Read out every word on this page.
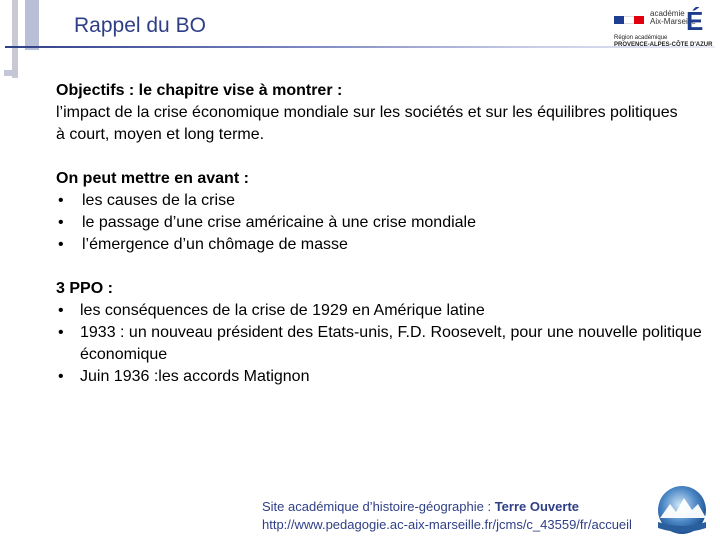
Rappel du BO
académie
Aix-Marseille
É
Région académique
PROVENCE-ALPES-CÔTE D'AZUR

Objectifs : le chapitre vise à montrer :

l’impact de la crise économique mondiale sur les sociétés et sur les équilibres politiques

à court, moyen et long terme.

On peut mettre en avant :

•	les causes de la crise
•	le passage d’une crise américaine à une crise mondiale
•	l’émergence d’un chômage de masse

3 PPO :

•	les conséquences de la crise de 1929 en Amérique latine
•	1933 : un nouveau président des Etats-unis, F.D. Roosevelt, pour une nouvelle politique économique
•	Juin 1936 :les accords Matignon
Site académique d’histoire-géographie : Terre Ouverte
http://www.pedagogie.ac-aix-marseille.fr/jcms/c_43559/fr/accueil
